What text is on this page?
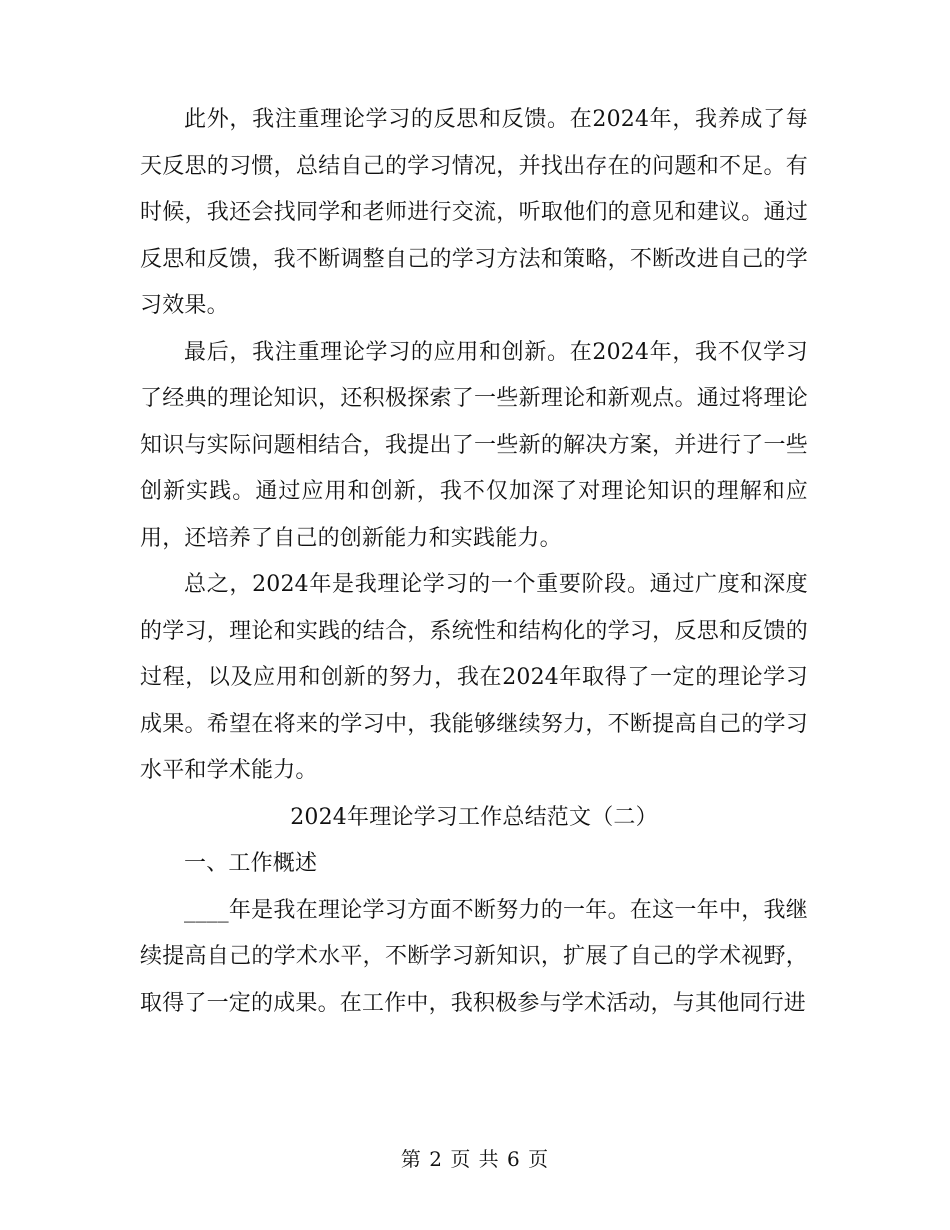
此外，我注重理论学习的反思和反馈。在2024年，我养成了每天反思的习惯，总结自己的学习情况，并找出存在的问题和不足。有时候，我还会找同学和老师进行交流，听取他们的意见和建议。通过反思和反馈，我不断调整自己的学习方法和策略，不断改进自己的学习效果。

最后，我注重理论学习的应用和创新。在2024年，我不仅学习了经典的理论知识，还积极探索了一些新理论和新观点。通过将理论知识与实际问题相结合，我提出了一些新的解决方案，并进行了一些创新实践。通过应用和创新，我不仅加深了对理论知识的理解和应用，还培养了自己的创新能力和实践能力。

总之，2024年是我理论学习的一个重要阶段。通过广度和深度的学习，理论和实践的结合，系统性和结构化的学习，反思和反馈的过程，以及应用和创新的努力，我在2024年取得了一定的理论学习成果。希望在将来的学习中，我能够继续努力，不断提高自己的学习水平和学术能力。

2024年理论学习工作总结范文（二）

一、工作概述

____年是我在理论学习方面不断努力的一年。在这一年中，我继续提高自己的学术水平，不断学习新知识，扩展了自己的学术视野，取得了一定的成果。在工作中，我积极参与学术活动，与其他同行进

第 2 页 共 6 页
